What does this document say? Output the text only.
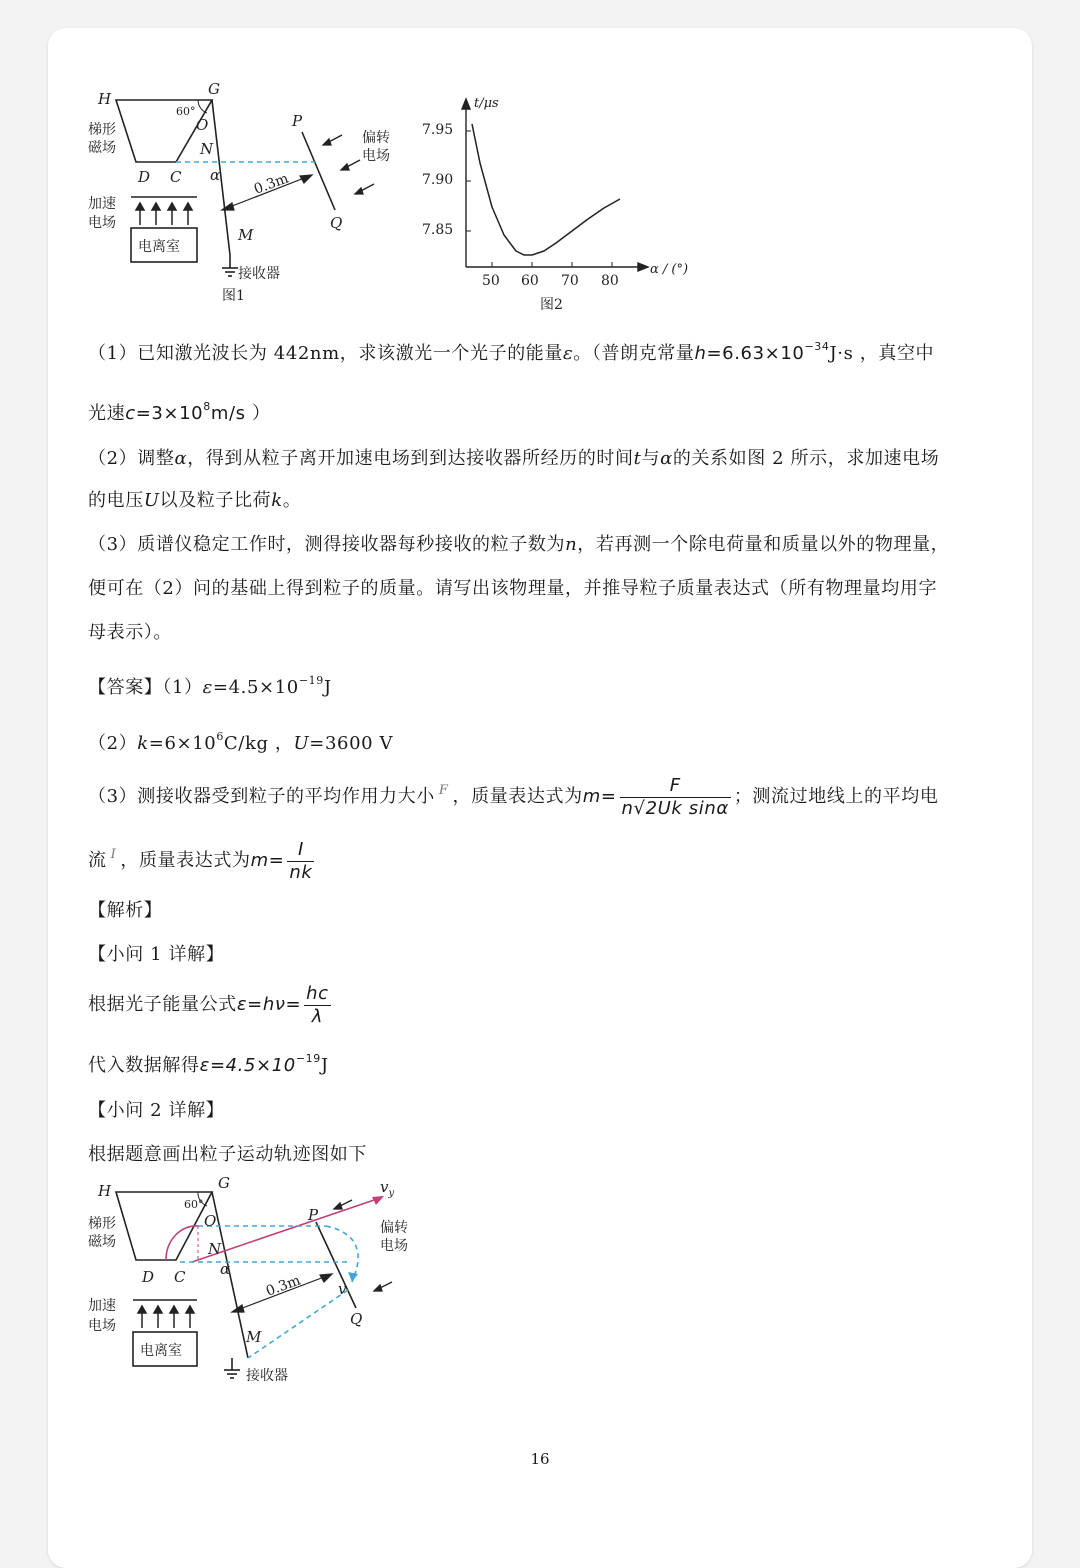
H
G
O
N
D C
P
Q
M
α
60°
0.3m
梯形
磁场
偏转
电场
加速
电场
电离室
接收器
图1
t/μs
α / (°)
7.95
7.90
7.85
50 60 70 80
图2
（1）已知激光波长为 442nm，求该激光一个光子的能量ε。（普朗克常量$h=6.63\times 10^{-34}J\cdot s$ ，真空中
光速$c=3\times 10^8m/s$ ）
（2）调整α，得到从粒子离开加速电场到到达接收器所经历的时间t与α的关系如图 2 所示，求加速电场
的电压U以及粒子比荷k。
（3）质谱仪稳定工作时，测得接收器每秒接收的粒子数为n，若再测一个除电荷量和质量以外的物理量，
便可在（2）问的基础上得到粒子的质量。请写出该物理量，并推导粒子质量表达式（所有物理量均用字
母表示）。
【答案】$(1)\varepsilon=4.5\times 10^{-19}J$
$(2)k=6\times 10^6C/kg$ ，U=3600 V
（3）测接收器受到粒子的平均作用力大小 F ，质量表达式为 $m = \frac{F}{\text{n√2Uk sinα}}$ ；测流过地线上的平均电
流 I ，质量表达式为 $m = \frac{I}{nk}$
【解析】
【小问 1 详解】
根据光子能量公式 $\varepsilon=h\nu= \frac{hc}{\lambda}$
代入数据解得$\varepsilon=4.5\times 10^{-19}J$
【小问 2 详解】
根据题意画出粒子运动轨迹图如下
H	G
O
N
D C
P
Q
M
α
v
$v_y$
60°
0.3m
梯形
磁场
偏转
电场
加速
电场
电离室
接收器
16
